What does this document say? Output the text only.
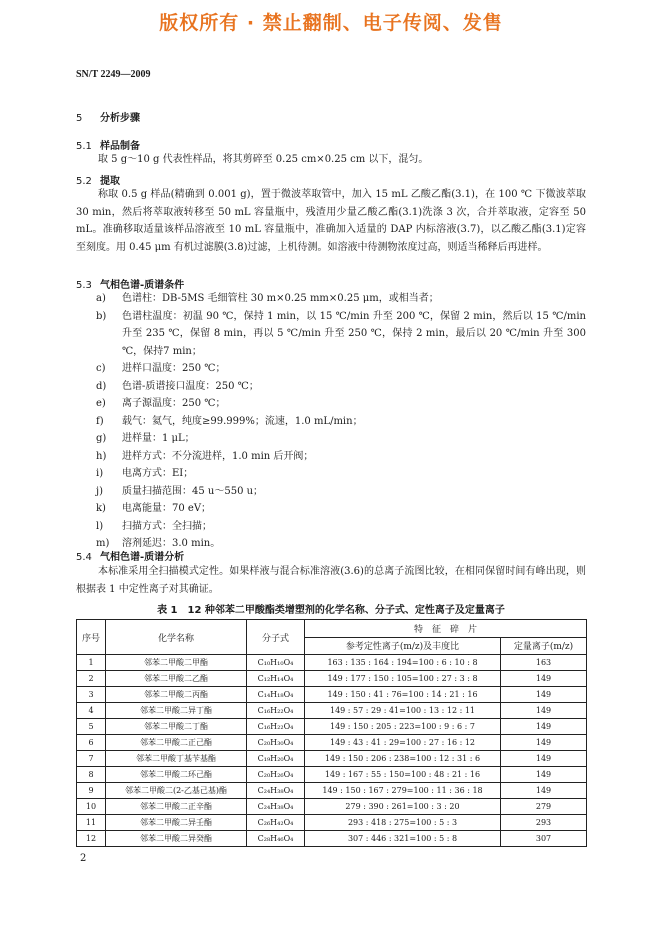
版权所有 · 禁止翻制、电子传阅、发售
SN/T 2249—2009
5 分析步骤
5.1 样品制备
取 5 g～10 g 代表性样品，将其剪碎至 0.25 cm×0.25 cm 以下，混匀。
5.2 提取
称取 0.5 g 样品(精确到 0.001 g)，置于微波萃取管中，加入 15 mL 乙酸乙酯(3.1)，在 100 ℃ 下微波萃取 30 min，然后将萃取液转移至 50 mL 容量瓶中，残渣用少量乙酸乙酯(3.1)洗涤 3 次，合并萃取液，定容至 50 mL。准确移取适量该样品溶液至 10 mL 容量瓶中，准确加入适量的 DAP 内标溶液(3.7)，以乙酸乙酯(3.1)定容至刻度。用 0.45 μm 有机过滤膜(3.8)过滤，上机待测。如溶液中待测物浓度过高，则适当稀释后再进样。
5.3 气相色谱-质谱条件
a)	色谱柱：DB-5MS 毛细管柱 30 m×0.25 mm×0.25 μm，或相当者；
b)	色谱柱温度：初温 90 ℃，保持 1 min，以 15 ℃/min 升至 200 ℃，保留 2 min，然后以 15 ℃/min 升至 235 ℃，保留 8 min，再以 5 ℃/min 升至 250 ℃，保持 2 min，最后以 20 ℃/min 升至 300 ℃，保持7 min；
c)	进样口温度：250 ℃；
d)	色谱-质谱接口温度：250 ℃；
e)	离子源温度：250 ℃；
f)	载气：氦气，纯度≥99.999%；流速，1.0 mL/min；
g)	进样量：1 μL；
h)	进样方式：不分流进样，1.0 min 后开阀；
i)	电离方式：EI；
j)	质量扫描范围：45 u～550 u；
k)	电离能量：70 eV；
l)	扫描方式：全扫描；
m)	溶剂延迟：3.0 min。
5.4 气相色谱-质谱分析
本标准采用全扫描模式定性。如果样液与混合标准溶液(3.6)的总离子流图比较，在相同保留时间有峰出现，则根据表 1 中定性离子对其确证。
表 1　12 种邻苯二甲酸酯类增塑剂的化学名称、分子式、定性离子及定量离子
序号	化学名称	分子式	特　征　碎　片	
			参考定性离子(m/z)及丰度比	定量离子(m/z)
1	邻苯二甲酸二甲酯	C₁₀H₁₀O₄	163 : 135 : 164 : 194=100 : 6 : 10 : 8	163
2	邻苯二甲酸二乙酯	C₁₂H₁₄O₄	149 : 177 : 150 : 105=100 : 27 : 3 : 8	149
3	邻苯二甲酸二丙酯	C₁₄H₁₈O₄	149 : 150 : 41 : 76=100 : 14 : 21 : 16	149
4	邻苯二甲酸二异丁酯	C₁₆H₂₂O₄	149 : 57 : 29 : 41=100 : 13 : 12 : 11	149
5	邻苯二甲酸二丁酯	C₁₆H₂₂O₄	149 : 150 : 205 : 223=100 : 9 : 6 : 7	149
6	邻苯二甲酸二正己酯	C₂₀H₃₀O₄	149 : 43 : 41 : 29=100 : 27 : 16 : 12	149
7	邻苯二甲酸丁基苄基酯	C₁₉H₂₀O₄	149 : 150 : 206 : 238=100 : 12 : 31 : 6	149
8	邻苯二甲酸二环己酯	C₂₀H₂₆O₄	149 : 167 : 55 : 150=100 : 48 : 21 : 16	149
9	邻苯二甲酸二(2-乙基己基)酯	C₂₄H₃₈O₄	149 : 150 : 167 : 279=100 : 11 : 36 : 18	149
10	邻苯二甲酸二正辛酯	C₂₄H₃₈O₄	279 : 390 : 261=100 : 3 : 20	279
11	邻苯二甲酸二异壬酯	C₂₆H₄₂O₄	293 : 418 : 275=100 : 5 : 3	293
12	邻苯二甲酸二异癸酯	C₂₈H₄₆O₄	307 : 446 : 321=100 : 5 : 8	307
2
